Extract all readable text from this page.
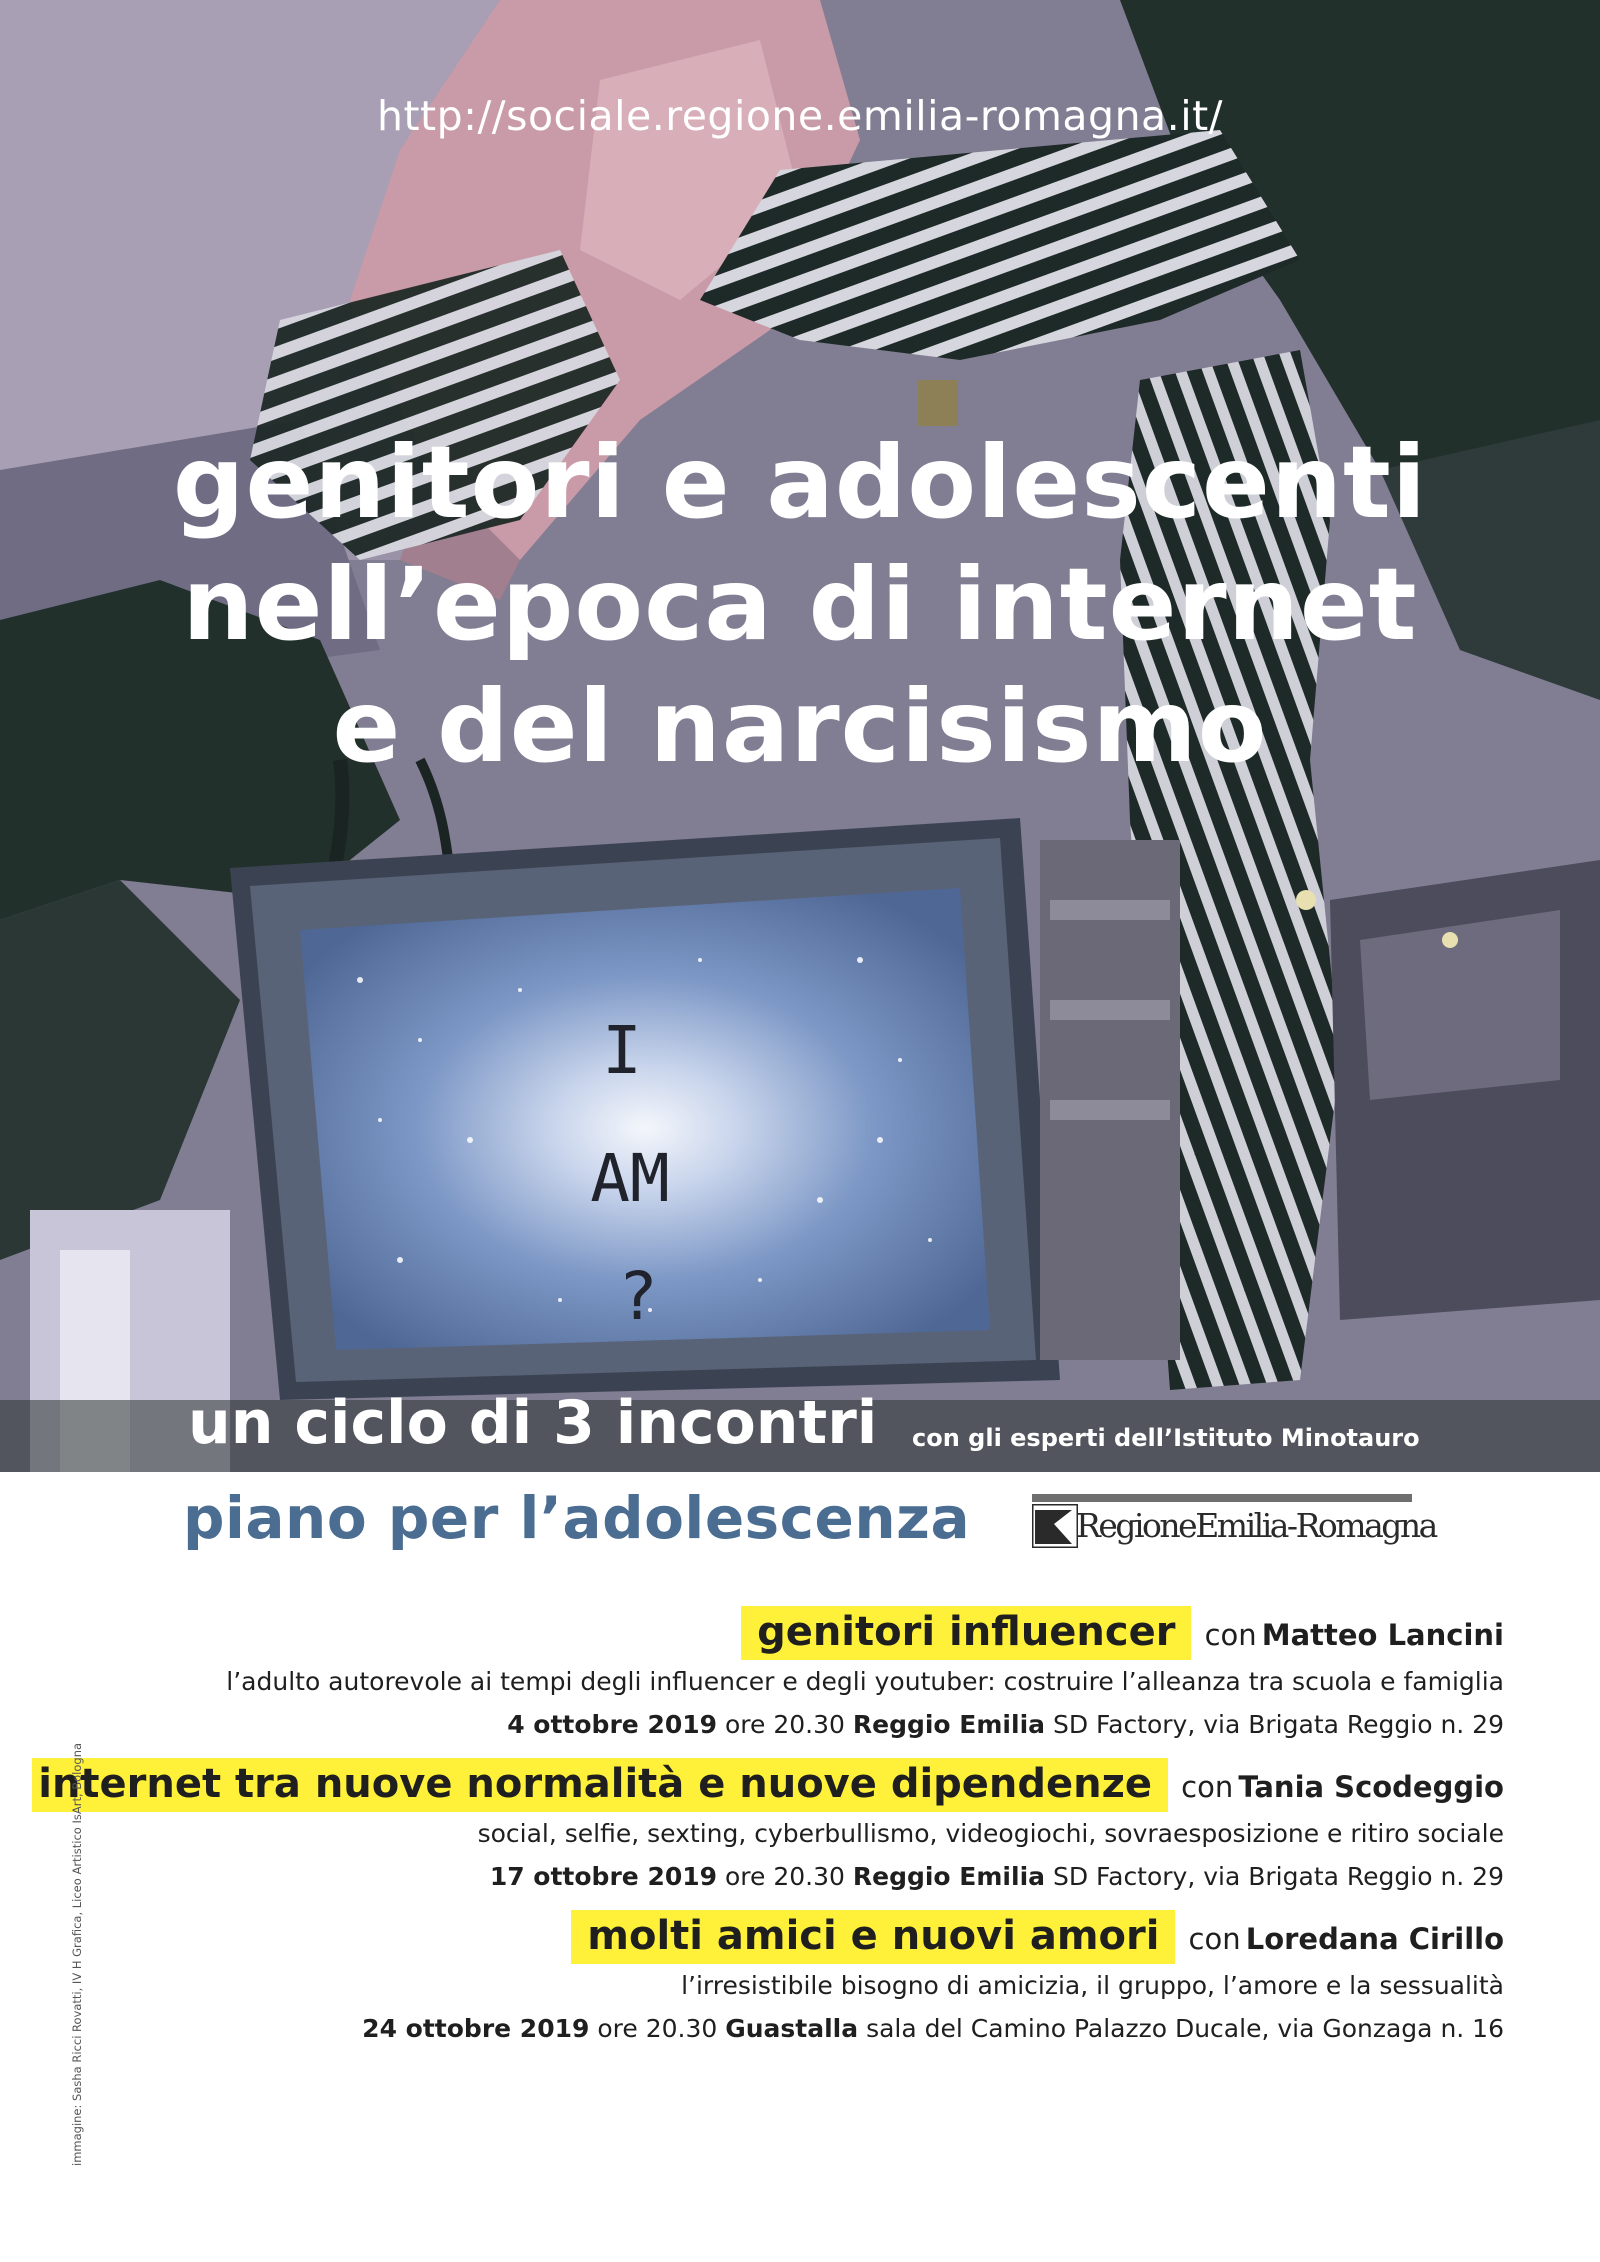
http://sociale.regione.emilia-romagna.it/
genitori e adolescenti
nell’epoca di internet
e del narcisismo
I
AM
?
un ciclo di 3 incontri con gli esperti dell’Istituto Minotauro
piano per l’adolescenza	RegioneEmilia-Romagna
genitori influencer con Matteo Lancini
l’adulto autorevole ai tempi degli influencer e degli youtuber: costruire l’alleanza tra scuola e famiglia
4 ottobre 2019 ore 20.30 Reggio Emilia SD Factory, via Brigata Reggio n. 29
internet tra nuove normalità e nuove dipendenze con Tania Scodeggio
social, selfie, sexting, cyberbullismo, videogiochi, sovraesposizione e ritiro sociale
17 ottobre 2019 ore 20.30 Reggio Emilia SD Factory, via Brigata Reggio n. 29
molti amici e nuovi amori con Loredana Cirillo
l’irresistibile bisogno di amicizia, il gruppo, l’amore e la sessualità
24 ottobre 2019 ore 20.30 Guastalla sala del Camino Palazzo Ducale, via Gonzaga n. 16
immagine: Sasha Ricci Rovatti, IV H Grafica, Liceo Artistico IsArt, Bologna
